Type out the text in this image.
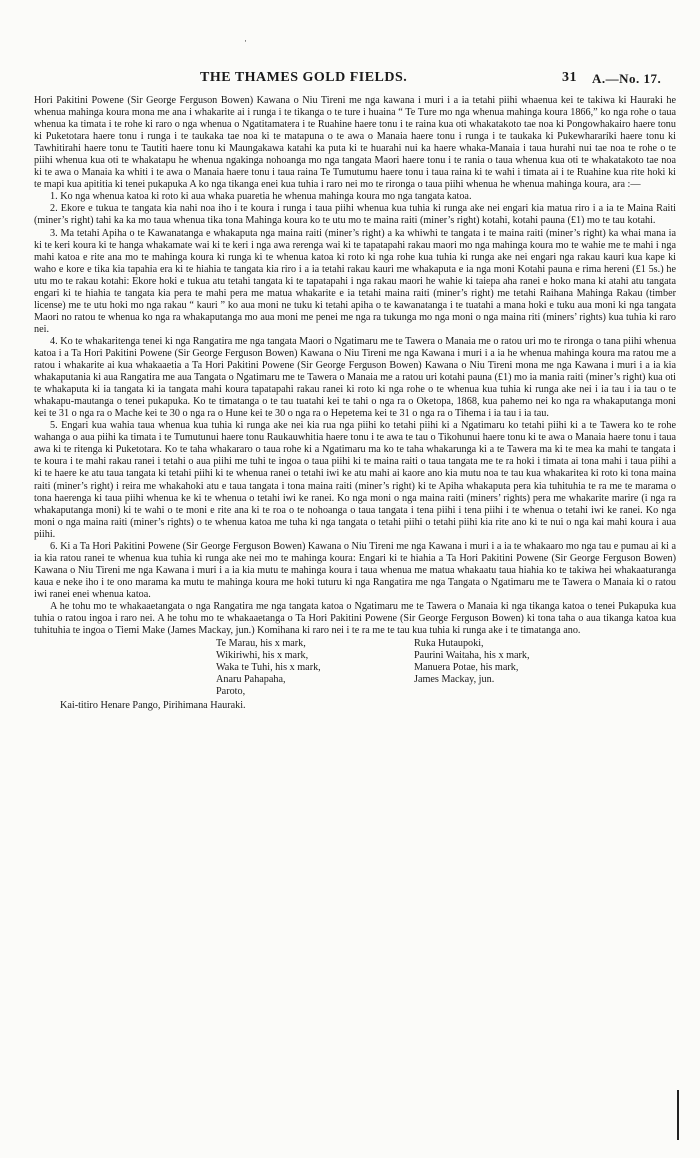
·
THE THAMES GOLD FIELDS.	31 A.—No. 17.

Hori Pakitini Powene (Sir George Ferguson Bowen) Kawana o Niu Tireni me nga kawana i muri i a ia tetahi piihi whaenua kei te takiwa ki Hauraki he whenua mahinga koura mona me ana i whakarite ai i runga i te tikanga o te ture i huaina “ Te Ture mo nga whenua mahinga koura 1866,” ko nga rohe o taua whenua ka timata i te rohe ki raro o nga whenua o Ngatitamatera i te Ruahine haere tonu i te raina kua oti whakatakoto tae noa ki Pongowhakairo haere tonu ki Puketotara haere tonu i runga i te taukaka tae noa ki te matapuna o te awa o Manaia haere tonu i runga i te taukaka ki Pukewhararíki haere tonu ki Tawhitirahi haere tonu te Tautiti haere tonu ki Maungakawa katahi ka puta ki te huarahi nui ka haere whaka-Manaia i taua hurahi nui tae noa te rohe o te piihi whenua kua oti te whakatapu he whenua ngakinga nohoanga mo nga tangata Maori haere tonu i te rania o taua whenua kua oti te whakatakoto tae noa ki te awa o Manaia ka whiti i te awa o Manaia haere tonu i taua raina Te Tumutumu haere tonu i taua raina ki te wahi i timata ai i te Ruahine kua rite hoki ki te mapi kua apititia ki tenei pukapuka A ko nga tikanga enei kua tuhia i raro nei mo te rironga o taua piihi whenua he whenua mahinga koura, ara :—

1. Ko nga whenua katoa ki roto ki aua whaka puaretia he whenua mahinga koura mo nga tangata katoa.

2. Ekore e tukua te tangata kia nahi noa iho i te koura i runga i taua piihi whenua kua tuhia ki runga ake nei engari kia matua riro i a ia te Maina Raiti (miner’s right) tahi ka ka mo taua whenua tika tona Mahinga koura ko te utu mo te maina raiti (miner’s right) kotahi, kotahi pauna (£1) mo te tau kotahi.

3. Ma tetahi Apiha o te Kawanatanga e whakaputa nga maina raiti (miner’s right) a ka whiwhi te tangata i te maina raiti (miner’s right) ka whai mana ia ki te keri koura ki te hanga whakamate wai ki te keri i nga awa rerenga wai ki te tapatapahi rakau maori mo nga mahinga koura mo te wahie me te mahi i nga mahi katoa e rite ana mo te mahinga koura ki runga ki te whenua katoa ki roto ki nga rohe kua tuhia ki runga ake nei engari nga rakau kauri kua kape ki waho e kore e tika kia tapahia era ki te hiahia te tangata kia riro i a ia tetahi rakau kauri me whakaputa e ia nga moni Kotahi pauna e rima hereni (£1 5s.) he utu mo te rakau kotahi: Ekore hoki e tukua atu tetahi tangata ki te tapatapahi i nga rakau maori he wahie ki taiepa aha ranei e hoko mana ki atahi atu tangata engari ki te hiahia te tangata kia pera te mahi pera me matua whakarite e ia tetahi maina raiti (miner’s right) me tetahi Raihana Mahinga Rakau (timber license) me te utu hoki mo nga rakau “ kauri ” ko aua moni ne tuku ki tetahi apiha o te kawanatanga i te tuatahi a mana hoki e tuku aua moni ki nga tangata Maori no ratou te whenua ko nga ra whakaputanga mo aua moni me penei me nga ra tukunga mo nga moni o nga maina riti (miners’ rights) kua tuhia ki raro nei.

4. Ko te whakaritenga tenei ki nga Rangatira me nga tangata Maori o Ngatimaru me te Tawera o Manaia me o ratou uri mo te rironga o tana piihi whenua katoa i a Ta Hori Pakitini Powene (Sir George Ferguson Bowen) Kawana o Niu Tireni me nga Kawana i muri i a ia he whenua mahinga koura ma ratou me a ratou i whakarite ai kua whakaaetia a Ta Hori Pakitini Powene (Sir George Ferguson Bowen) Kawana o Niu Tireni mona me nga Kawana i muri i a ia kia whakaputania ki aua Rangatira me aua Tangata o Ngatimaru me te Tawera o Manaia me a ratou uri kotahi pauna (£1) mo ia mania raiti (miner’s right) kua oti te whakaputa ki ia tangata ki ia tangata mahi koura tapatapahi rakau ranei ki roto ki nga rohe o te whenua kua tuhia ki runga ake nei i ia tau i ia tau o te whakapu-mautanga o tenei pukapuka. Ko te timatanga o te tau tuatahi kei te tahi o nga ra o Oketopa, 1868, kua pahemo nei ko nga ra whakaputanga moni kei te 31 o nga ra o Mache kei te 30 o nga ra o Hune kei te 30 o nga ra o Hepetema kei te 31 o nga ra o Tihema i ia tau i ia tau.

5. Engari kua wahia taua whenua kua tuhia ki runga ake nei kia rua nga piihi ko tetahi piihi ki a Ngatimaru ko tetahi piihi ki a te Tawera ko te rohe wahanga o aua piihi ka timata i te Tumutunui haere tonu Raukauwhitia haere tonu i te awa te tau o Tikohunui haere tonu ki te awa o Manaia haere tonu i taua awa ki te ritenga ki Puketotara. Ko te taha whakararo o taua rohe ki a Ngatimaru ma ko te taha whakarunga ki a te Tawera ma ki te mea ka mahi te tangata i te koura i te mahi rakau ranei i tetahi o aua piihi me tuhi te ingoa o taua piihi ki te maina raiti o taua tangata me te ra hoki i timata ai tona mahi i taua piihi a ki te haere ke atu taua tangata ki tetahi piihi ki te whenua ranei o tetahi iwi ke atu mahi ai kaore ano kia mutu noa te tau kua whakaritea ki roto ki tona maina raiti (miner’s right) i reira me whakahoki atu e taua tangata i tona maina raiti (miner’s right) ki te Apiha whakaputa pera kia tuhituhia te ra me te marama o tona haerenga ki taua piihi whenua ke ki te whenua o tetahi iwi ke ranei. Ko nga moni o nga maina raiti (miners’ rights) pera me whakarite marire (i nga ra whakaputanga moni) ki te wahi o te moni e rite ana ki te roa o te nohoanga o taua tangata i tena piihi i tena piihi i te whenua o tetahi iwi ke ranei. Ko nga moni o nga maina raiti (miner’s rights) o te whenua katoa me tuha ki nga tangata o tetahi piihi o tetahi piihi kia rite ano ki te nui o nga kai mahi koura i aua piihi.

6. Ki a Ta Hori Pakitini Powene (Sir George Ferguson Bowen) Kawana o Niu Tireni me nga Kawana i muri i a ia te whakaaro mo nga tau e pumau ai ki a ia kia ratou ranei te whenua kua tuhia ki runga ake nei mo te mahinga koura: Engari ki te hiahia a Ta Hori Pakitini Powene (Sir George Ferguson Bowen) Kawana o Niu Tireni me nga Kawana i muri i a ia kia mutu te mahinga koura i taua whenua me matua whakaatu taua hiahia ko te takiwa hei whakaaturanga kaua e neke iho i te ono marama ka mutu te mahinga koura me hoki tuturu ki nga Rangatira me nga Tangata o Ngatimaru me te Tawera o Manaia ki o ratou iwi ranei enei whenua katoa.

A he tohu mo te whakaaetangata o nga Rangatira me nga tangata katoa o Ngatimaru me te Tawera o Manaia ki nga tikanga katoa o tenei Pukapuka kua tuhia o ratou ingoa i raro nei. A he tohu mo te whakaaetanga o Ta Hori Pakitini Powene (Sir George Ferguson Bowen) ki tona taha o aua tikanga katoa kua tuhituhia te ingoa o Tiemi Make (James Mackay, jun.) Komihana ki raro nei i te ra me te tau kua tuhia ki runga ake i te timatanga ano.

Te Marau, his x mark,
Wikiriwhi, his x mark,
Waka te Tuhi, his x mark,
Anaru Pahapaha,
Paroto,
Ruka Hutaupoki,
Paurini Waitaha, his x mark,
Manuera Potae, his mark,
James Mackay, jun.
Kai-titiro Henare Pango, Pirihimana Hauraki.
